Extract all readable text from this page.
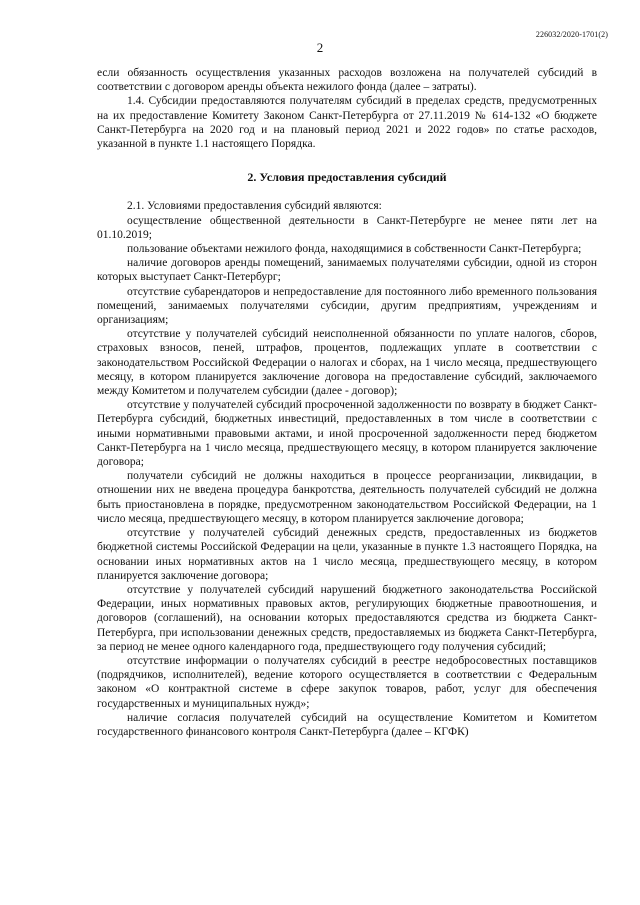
226032/2020-1701(2)
2

если обязанность осуществления указанных расходов возложена на получателей субсидий в соответствии с договором аренды объекта нежилого фонда (далее – затраты).

1.4. Субсидии предоставляются получателям субсидий в пределах средств, предусмотренных на их предоставление Комитету Законом Санкт-Петербурга от 27.11.2019 № 614-132 «О бюджете Санкт-Петербурга на 2020 год и на плановый период 2021 и 2022 годов» по статье расходов, указанной в пункте 1.1 настоящего Порядка.

2. Условия предоставления субсидий

2.1. Условиями предоставления субсидий являются:

осуществление общественной деятельности в Санкт-Петербурге не менее пяти лет на 01.10.2019;

пользование объектами нежилого фонда, находящимися в собственности Санкт-Петербурга;

наличие договоров аренды помещений, занимаемых получателями субсидии, одной из сторон которых выступает Санкт-Петербург;

отсутствие субарендаторов и непредоставление для постоянного либо временного пользования помещений, занимаемых получателями субсидии, другим предприятиям, учреждениям и организациям;

отсутствие у получателей субсидий неисполненной обязанности по уплате налогов, сборов, страховых взносов, пеней, штрафов, процентов, подлежащих уплате в соответствии с законодательством Российской Федерации о налогах и сборах, на 1 число месяца, предшествующего месяцу, в котором планируется заключение договора на предоставление субсидий, заключаемого между Комитетом и получателем субсидии (далее - договор);

отсутствие у получателей субсидий просроченной задолженности по возврату в бюджет Санкт-Петербурга субсидий, бюджетных инвестиций, предоставленных в том числе в соответствии с иными нормативными правовыми актами, и иной просроченной задолженности перед бюджетом Санкт-Петербурга на 1 число месяца, предшествующего месяцу, в котором планируется заключение договора;

получатели субсидий не должны находиться в процессе реорганизации, ликвидации, в отношении них не введена процедура банкротства, деятельность получателей субсидий не должна быть приостановлена в порядке, предусмотренном законодательством Российской Федерации, на 1 число месяца, предшествующего месяцу, в котором планируется заключение договора;

отсутствие у получателей субсидий денежных средств, предоставленных из бюджетов бюджетной системы Российской Федерации на цели, указанные в пункте 1.3 настоящего Порядка, на основании иных нормативных актов на 1 число месяца, предшествующего месяцу, в котором планируется заключение договора;

отсутствие у получателей субсидий нарушений бюджетного законодательства Российской Федерации, иных нормативных правовых актов, регулирующих бюджетные правоотношения, и договоров (соглашений), на основании которых предоставляются средства из бюджета Санкт-Петербурга, при использовании денежных средств, предоставляемых из бюджета Санкт-Петербурга, за период не менее одного календарного года, предшествующего году получения субсидий;

отсутствие информации о получателях субсидий в реестре недобросовестных поставщиков (подрядчиков, исполнителей), ведение которого осуществляется в соответствии с Федеральным законом «О контрактной системе в сфере закупок товаров, работ, услуг для обеспечения государственных и муниципальных нужд»;

наличие согласия получателей субсидий на осуществление Комитетом и Комитетом государственного финансового контроля Санкт-Петербурга (далее – КГФК)
